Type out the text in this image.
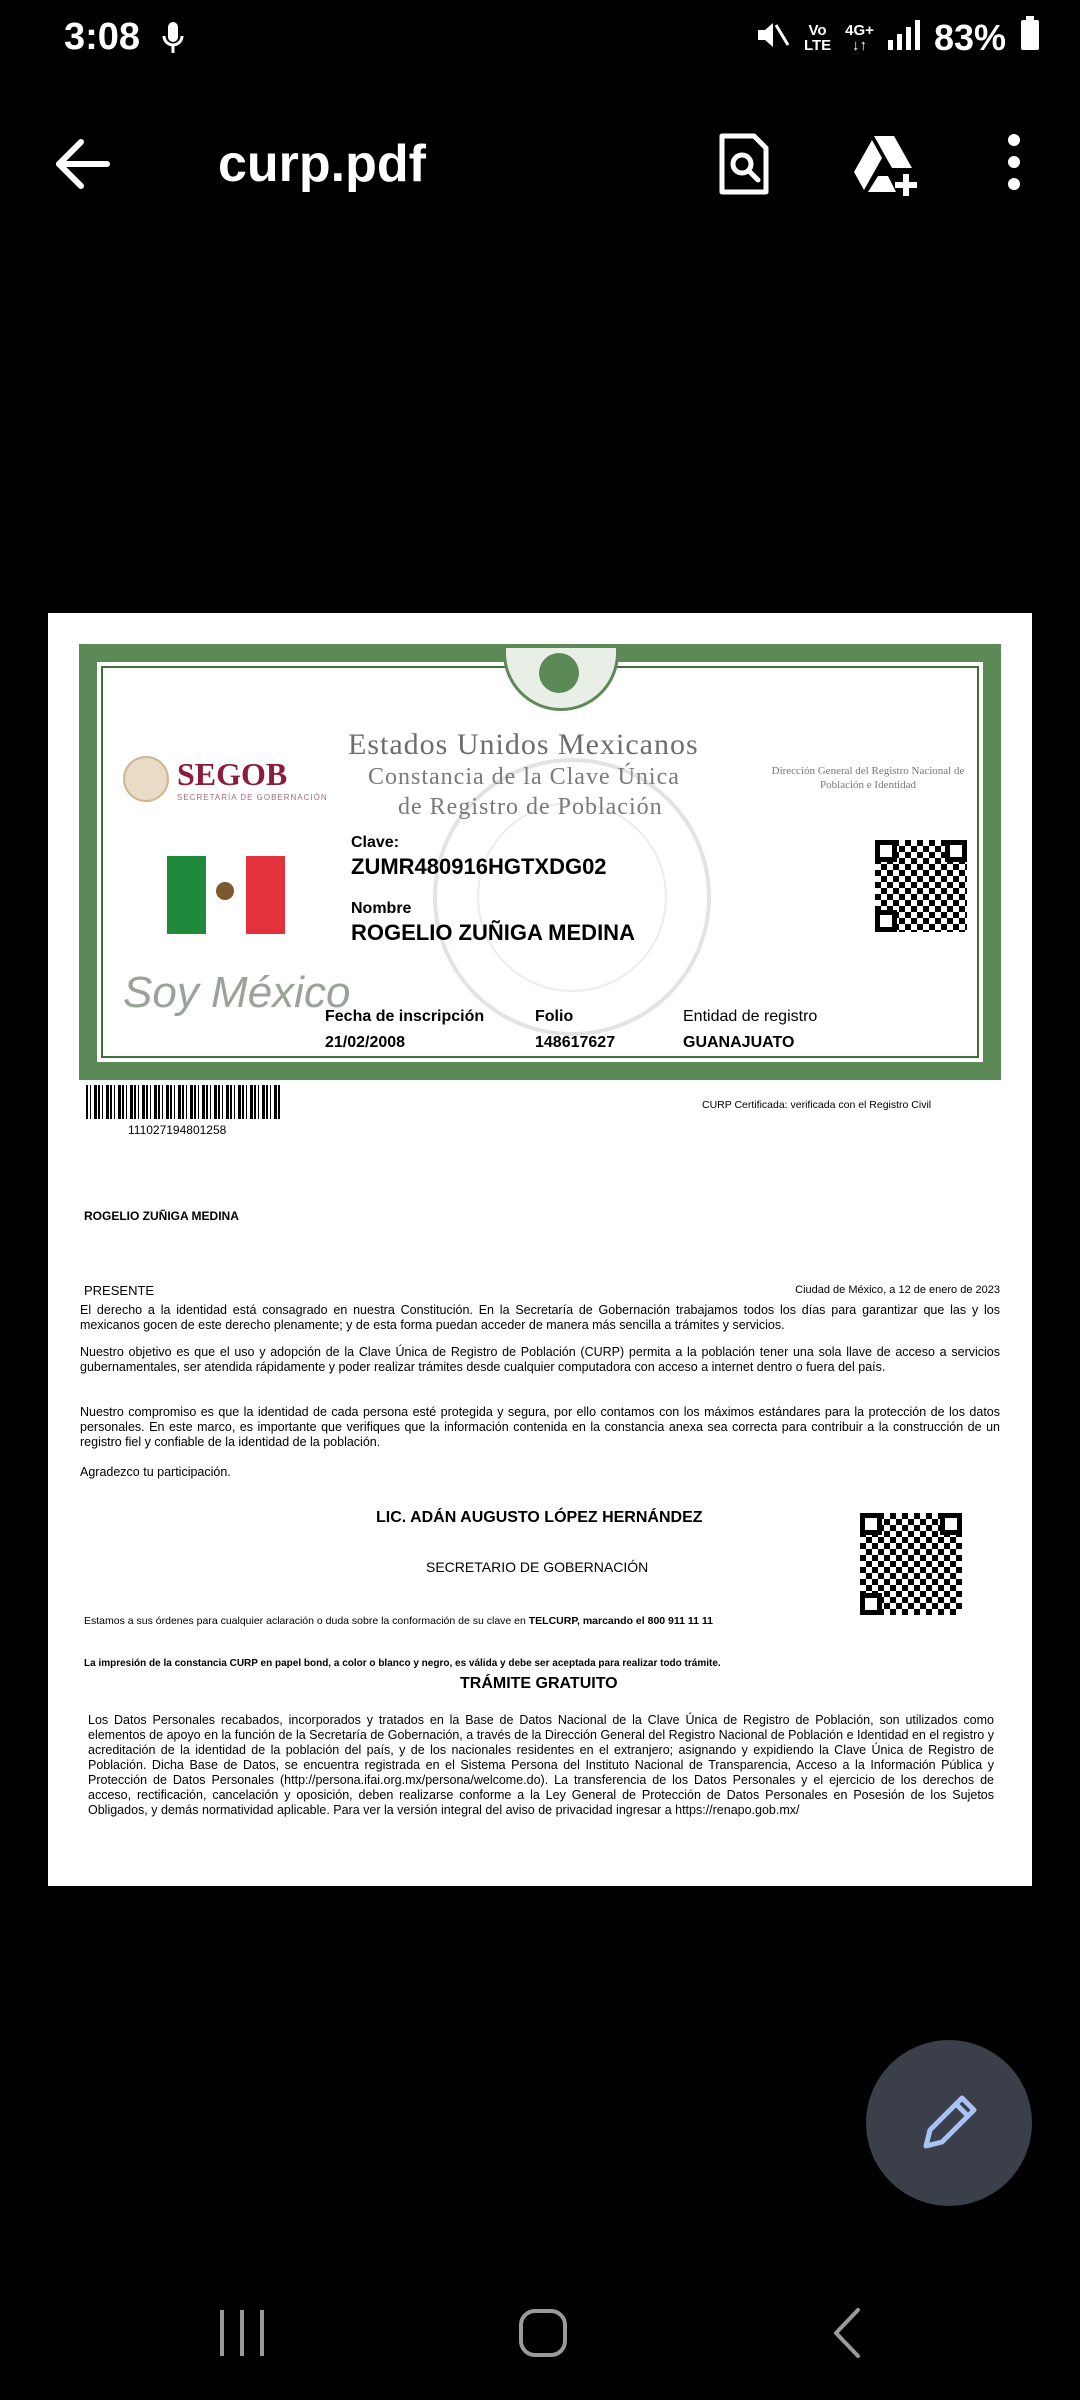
3:08	Vo
LTE
4G+
↓↑ 83%
curp.pdf
SEGOB
SECRETARÍA DE GOBERNACIÓN
Estados Unidos Mexicanos
Constancia de la Clave Única
de Registro de Población
Dirección General del Registro Nacional de Población e Identidad
Clave:
ZUMR480916HGTXDG02
Nombre
ROGELIO ZUÑIGA MEDINA
Soy México
Fecha de inscripción
21/02/2008
Folio
148617627
Entidad de registro
GUANAJUATO
111027194801258
CURP Certificada: verificada con el Registro Civil
ROGELIO ZUÑIGA MEDINA
PRESENTE	Ciudad de México, a 12 de enero de 2023
El derecho a la identidad está consagrado en nuestra Constitución. En la Secretaría de Gobernación trabajamos todos los días para garantizar que las y los mexicanos gocen de este derecho plenamente; y de esta forma puedan acceder de manera más sencilla a trámites y servicios.
Nuestro objetivo es que el uso y adopción de la Clave Única de Registro de Población (CURP) permita a la población tener una sola llave de acceso a servicios gubernamentales, ser atendida rápidamente y poder realizar trámites desde cualquier computadora con acceso a internet dentro o fuera del país.
Nuestro compromiso es que la identidad de cada persona esté protegida y segura, por ello contamos con los máximos estándares para la protección de los datos personales. En este marco, es importante que verifiques que la información contenida en la constancia anexa sea correcta para contribuir a la construcción de un registro fiel y confiable de la identidad de la población.
Agradezco tu participación.
LIC. ADÁN AUGUSTO LÓPEZ HERNÁNDEZ
SECRETARIO DE GOBERNACIÓN
Estamos a sus órdenes para cualquier aclaración o duda sobre la conformación de su clave en TELCURP, marcando el 800 911 11 11
La impresión de la constancia CURP en papel bond, a color o blanco y negro, es válida y debe ser aceptada para realizar todo trámite.
TRÁMITE GRATUITO
Los Datos Personales recabados, incorporados y tratados en la Base de Datos Nacional de la Clave Única de Registro de Población, son utilizados como elementos de apoyo en la función de la Secretaría de Gobernación, a través de la Dirección General del Registro Nacional de Población e Identidad en el registro y acreditación de la identidad de la población del país, y de los nacionales residentes en el extranjero; asignando y expidiendo la Clave Única de Registro de Población. Dicha Base de Datos, se encuentra registrada en el Sistema Persona del Instituto Nacional de Transparencia, Acceso a la Información Pública y Protección de Datos Personales (http://persona.ifai.org.mx/persona/welcome.do). La transferencia de los Datos Personales y el ejercicio de los derechos de acceso, rectificación, cancelación y oposición, deben realizarse conforme a la Ley General de Protección de Datos Personales en Posesión de los Sujetos Obligados, y demás normatividad aplicable. Para ver la versión integral del aviso de privacidad ingresar a https://renapo.gob.mx/
